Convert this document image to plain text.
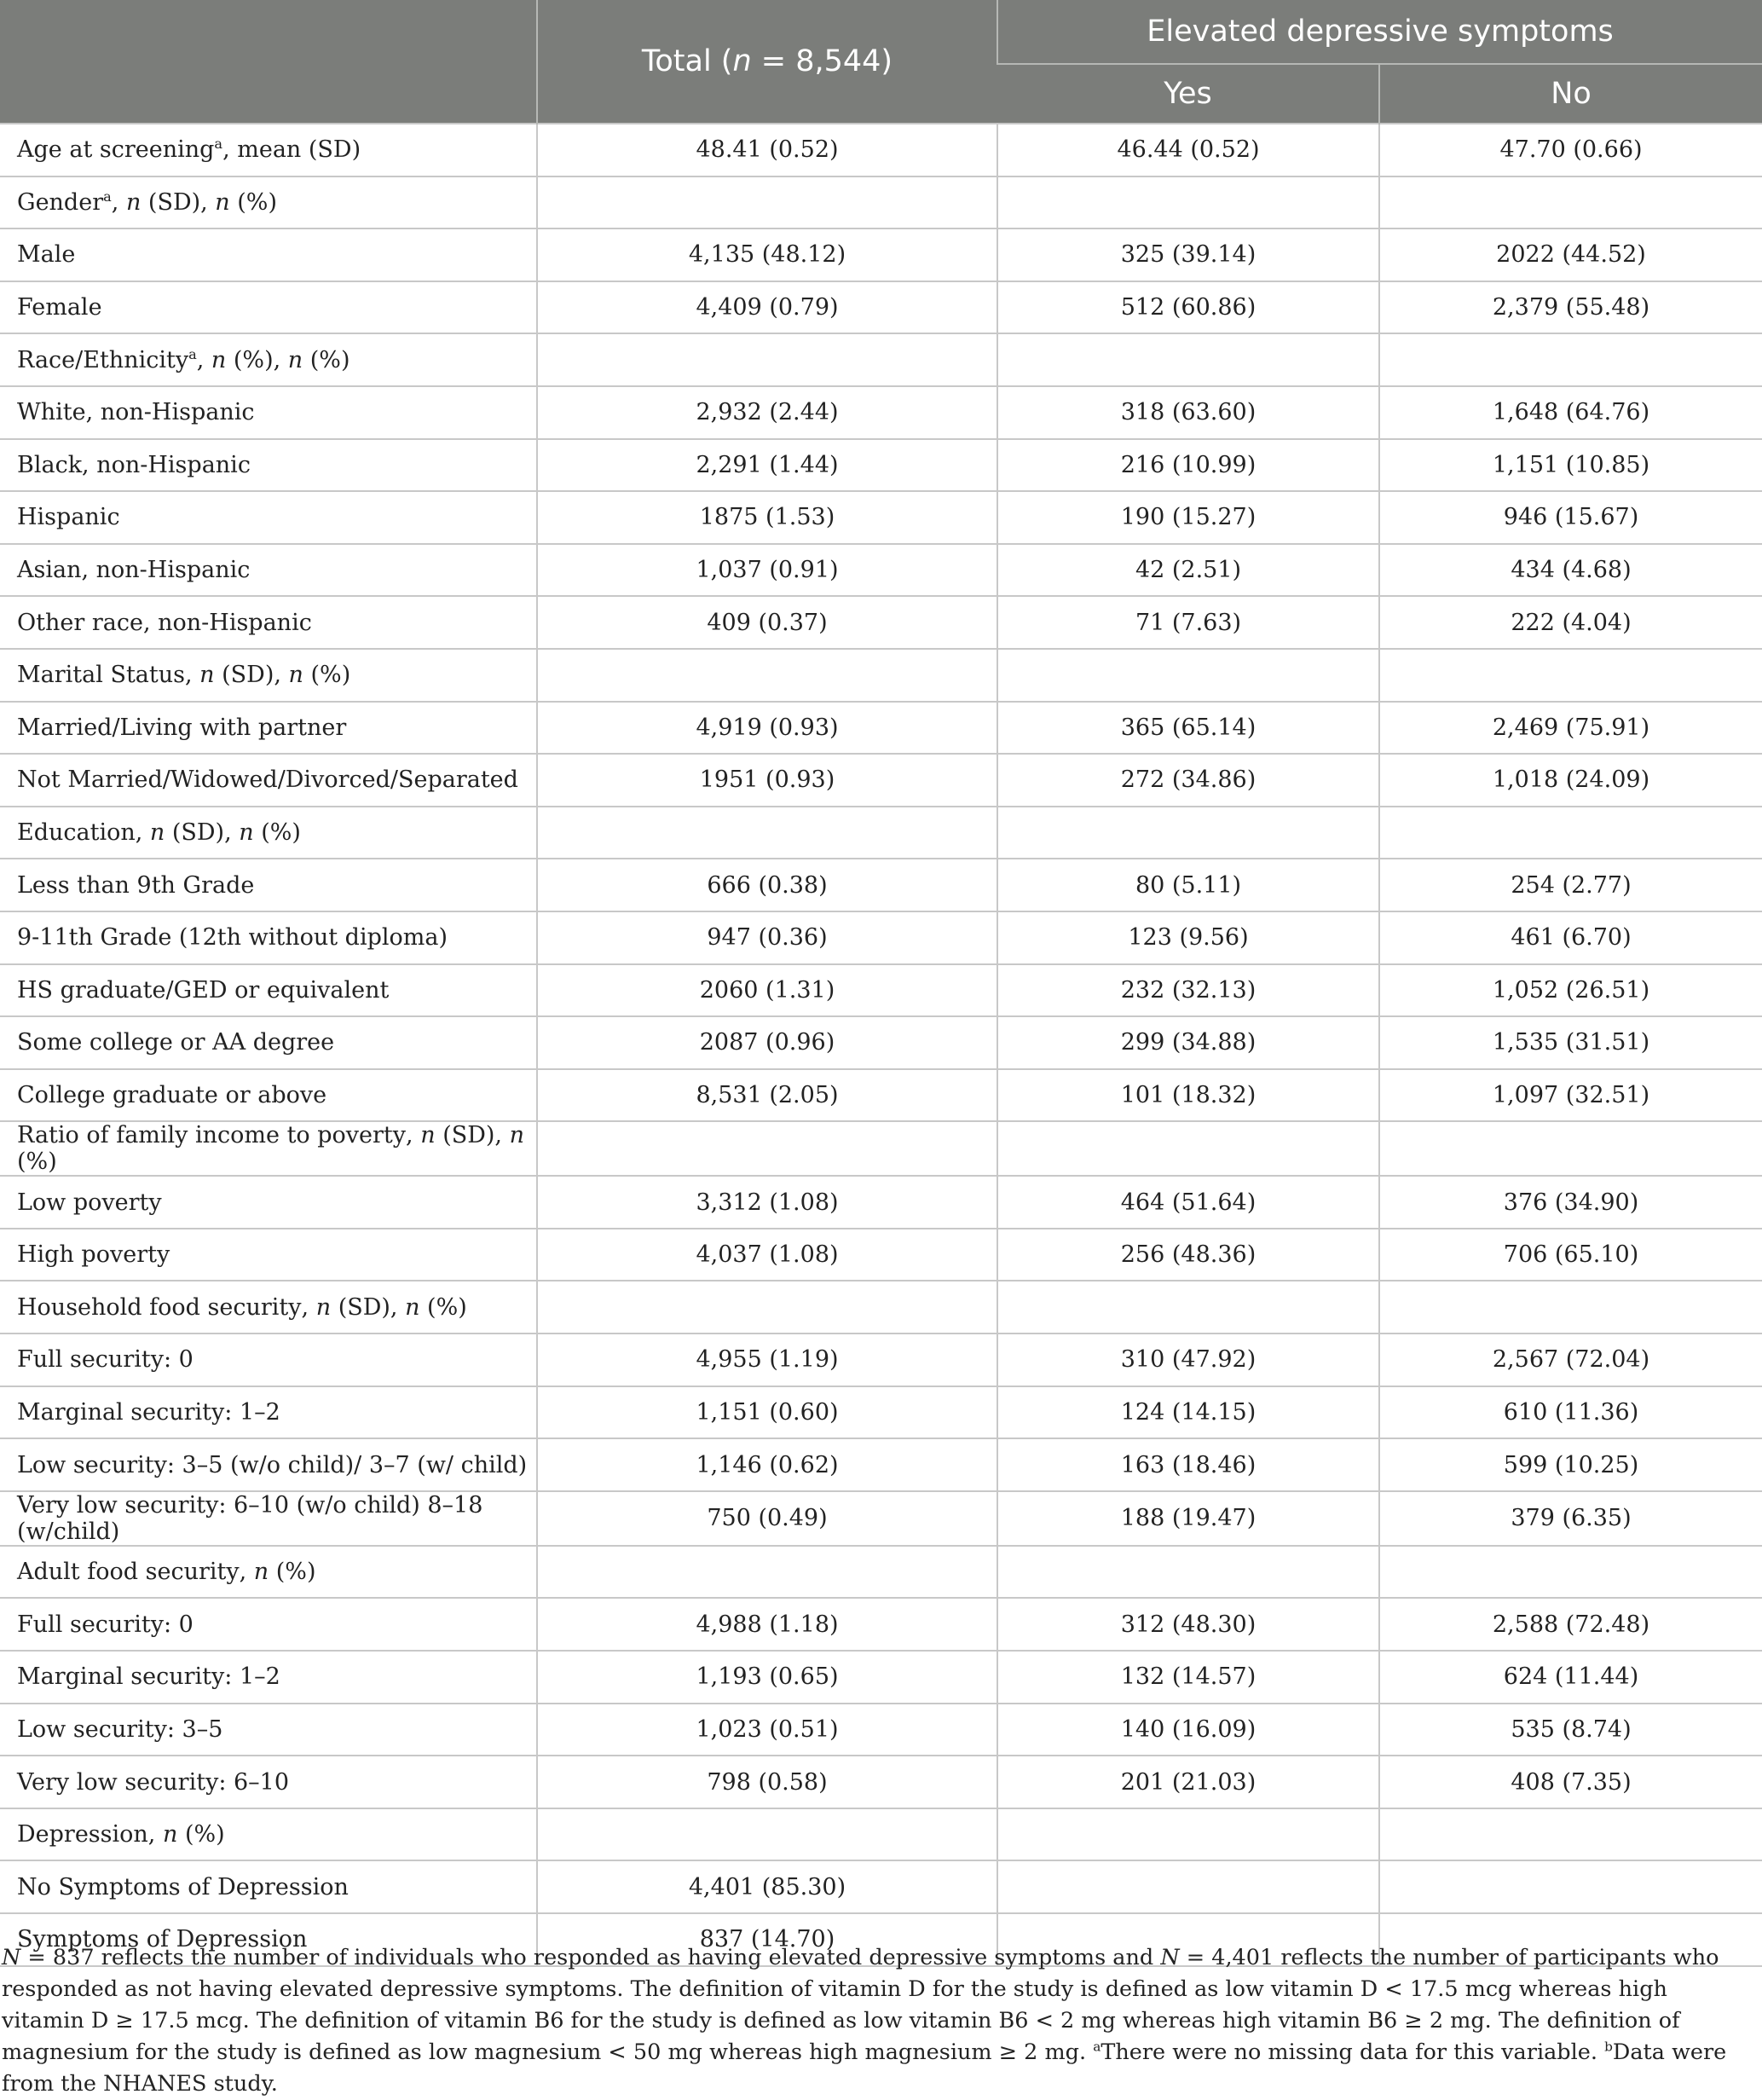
	Total (n = 8,544)	Elevated depressive symptoms	
		Yes	No
Age at screening$^a$, mean (SD)	48.41 (0.52)	46.44 (0.52)	47.70 (0.66)
Gender$^a$, n (SD), n (%)			
Male	4,135 (48.12)	325 (39.14)	2022 (44.52)
Female	4,409 (0.79)	512 (60.86)	2,379 (55.48)
Race/Ethnicity$^a$, n (%), n (%)			
White, non-Hispanic	2,932 (2.44)	318 (63.60)	1,648 (64.76)
Black, non-Hispanic	2,291 (1.44)	216 (10.99)	1,151 (10.85)
Hispanic	1875 (1.53)	190 (15.27)	946 (15.67)
Asian, non-Hispanic	1,037 (0.91)	42 (2.51)	434 (4.68)
Other race, non-Hispanic	409 (0.37)	71 (7.63)	222 (4.04)
Marital Status, n (SD), n (%)			
Married/Living with partner	4,919 (0.93)	365 (65.14)	2,469 (75.91)
Not Married/Widowed/Divorced/Separated	1951 (0.93)	272 (34.86)	1,018 (24.09)
Education, n (SD), n (%)			
Less than 9th Grade	666 (0.38)	80 (5.11)	254 (2.77)
9-11th Grade (12th without diploma)	947 (0.36)	123 (9.56)	461 (6.70)
HS graduate/GED or equivalent	2060 (1.31)	232 (32.13)	1,052 (26.51)
Some college or AA degree	2087 (0.96)	299 (34.88)	1,535 (31.51)
College graduate or above	8,531 (2.05)	101 (18.32)	1,097 (32.51)
Ratio of family income to poverty, n (SD), n (%)			
Low poverty	3,312 (1.08)	464 (51.64)	376 (34.90)
High poverty	4,037 (1.08)	256 (48.36)	706 (65.10)
Household food security, n (SD), n (%)			
Full security: 0	4,955 (1.19)	310 (47.92)	2,567 (72.04)
Marginal security: 1–2	1,151 (0.60)	124 (14.15)	610 (11.36)
Low security: 3–5 (w/o child)/ 3–7 (w/ child)	1,146 (0.62)	163 (18.46)	599 (10.25)
Very low security: 6–10 (w/o child) 8–18 (w/child)	750 (0.49)	188 (19.47)	379 (6.35)
Adult food security, n (%)			
Full security: 0	4,988 (1.18)	312 (48.30)	2,588 (72.48)
Marginal security: 1–2	1,193 (0.65)	132 (14.57)	624 (11.44)
Low security: 3–5	1,023 (0.51)	140 (16.09)	535 (8.74)
Very low security: 6–10	798 (0.58)	201 (21.03)	408 (7.35)
Depression, n (%)			
No Symptoms of Depression	4,401 (85.30)		
Symptoms of Depression	837 (14.70)		
N = 837 reflects the number of individuals who responded as having elevated depressive symptoms and N = 4,401 reflects the number of participants who responded as not having elevated depressive symptoms. The definition of vitamin D for the study is defined as low vitamin D < 17.5 mcg whereas high vitamin D ≥ 17.5 mcg. The definition of vitamin B6 for the study is defined as low vitamin B6 < 2 mg whereas high vitamin B6 ≥ 2 mg. The definition of magnesium for the study is defined as low magnesium < 50 mg whereas high magnesium ≥ 2 mg. $^a$There were no missing data for this variable. $^b$Data were from the NHANES study.
